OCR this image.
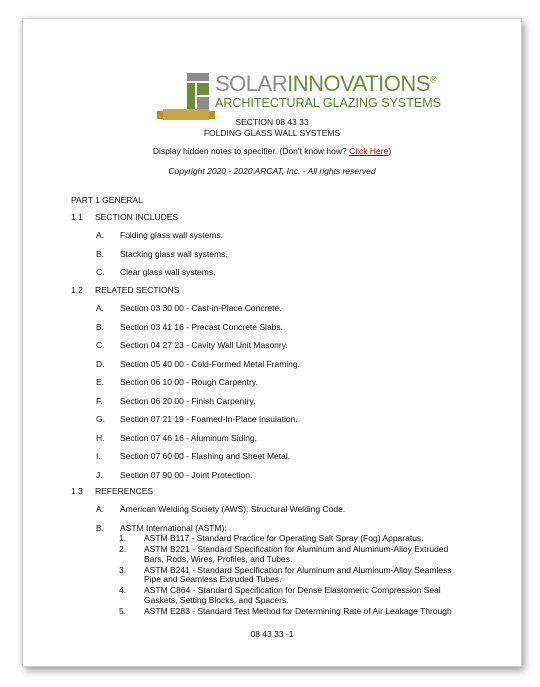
SOLARINNOVATIONS®
ARCHITECTURAL GLAZING SYSTEMS
SECTION 08 43 33
FOLDING GLASS WALL SYSTEMS
Display hidden notes to specifier. (Don't know how? Click Here)
Copyright 2020 - 2020 ARCAT, Inc. - All rights reserved
PART 1 GENERAL
1.1 SECTION INCLUDES
A. Folding glass wall systems.
B. Stacking glass wall systems.
C. Clear glass wall systems.
1.2 RELATED SECTIONS
A. Section 03 30 00 - Cast-in-Place Concrete.
B. Section 03 41 16 - Precast Concrete Slabs.
C. Section 04 27 23 - Cavity Wall Unit Masonry.
D. Section 05 40 00 - Cold-Formed Metal Framing.
E. Section 06 10 00 - Rough Carpentry.
F. Section 06 20 00 - Finish Carpentry.
G. Section 07 21 19 - Foamed-In-Place Insulation.
H. Section 07 46 16 - Aluminum Siding.
I. Section 07 60 00 - Flashing and Sheet Metal.
J. Section 07 90 00 - Joint Protection.
1.3 REFERENCES
A. American Welding Society (AWS): Structural Welding Code.
B. ASTM International (ASTM):
1. ASTM B117 - Standard Practice for Operating Salt Spray (Fog) Apparatus.
2. ASTM B221 - Standard Specification for Aluminum and Aluminum-Alloy Extruded
Bars, Rods, Wires, Profiles, and Tubes.
3. ASTM B241 - Standard Specification for Aluminum and Aluminum-Alloy Seamless
Pipe and Seamless Extruded Tubes.
4. ASTM C864 - Standard Specification for Dense Elastomeric Compression Seal
Gaskets, Setting Blocks, and Spacers.
5. ASTM E283 - Standard Test Method for Determining Rate of Air Leakage Through
08 43 33 -1
